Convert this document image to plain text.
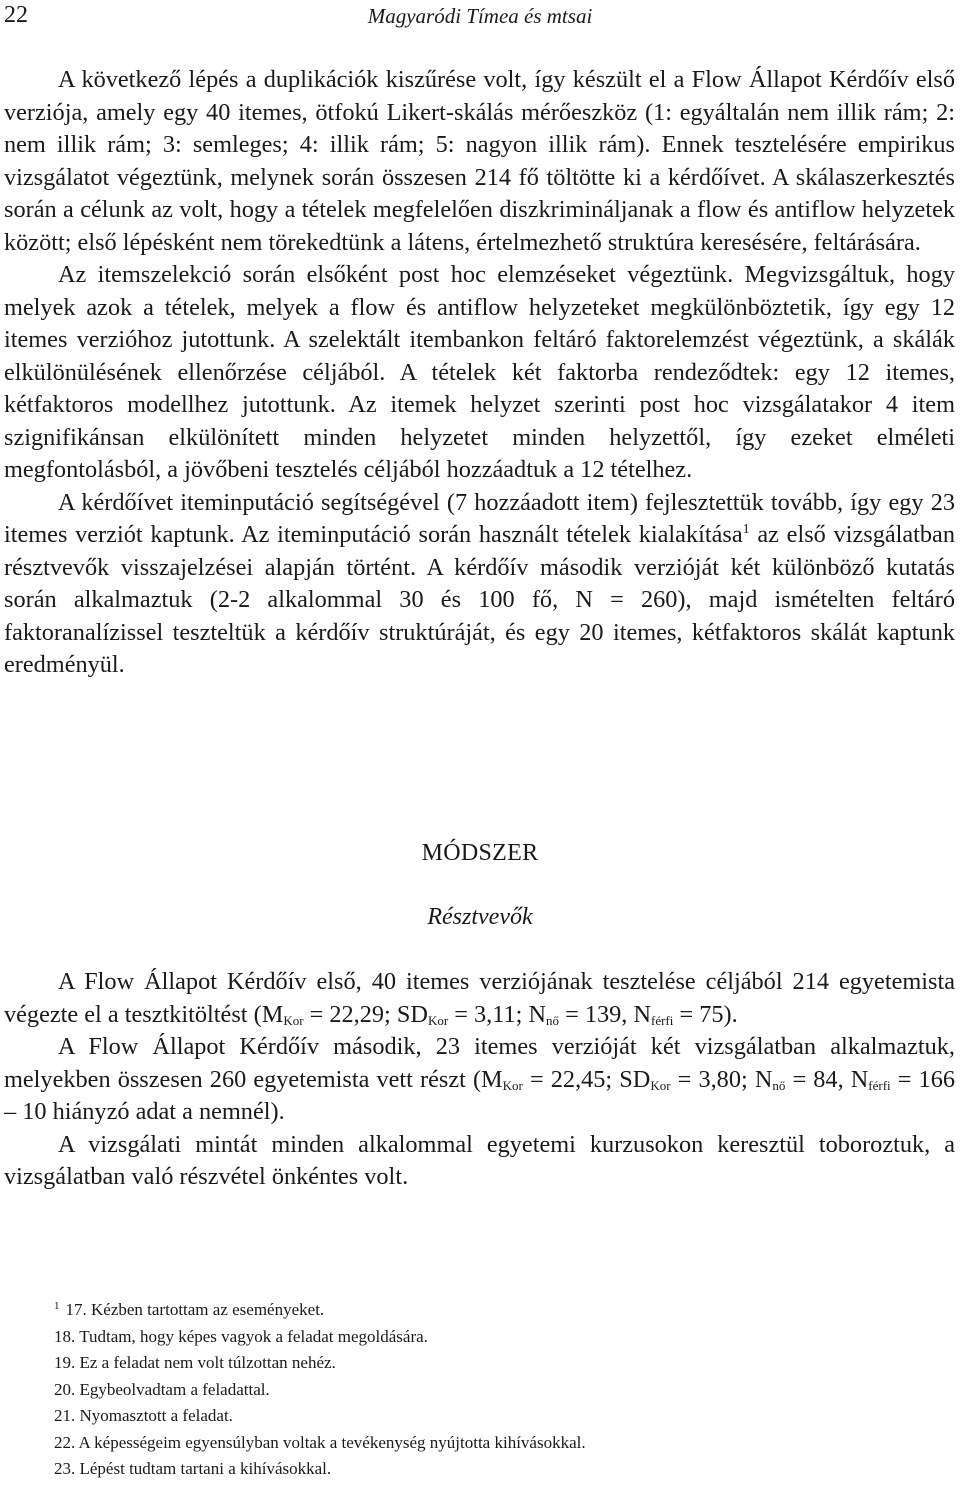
22	Magyaródi Tímea és mtsai

A következő lépés a duplikációk kiszűrése volt, így készült el a Flow Állapot Kérdőív első verziója, amely egy 40 itemes, ötfokú Likert-skálás mérőeszköz (1: egyáltalán nem illik rám; 2: nem illik rám; 3: semleges; 4: illik rám; 5: nagyon illik rám). Ennek tesztelésére empirikus vizsgálatot végeztünk, melynek során összesen 214 fő töltötte ki a kérdőívet. A skálaszerkesztés során a célunk az volt, hogy a tételek megfelelően diszkrimináljanak a flow és antiflow helyzetek között; első lépésként nem törekedtünk a látens, értelmezhető struktúra keresésére, feltárására.

Az itemszelekció során elsőként post hoc elemzéseket végeztünk. Megvizsgáltuk, hogy melyek azok a tételek, melyek a flow és antiflow helyzeteket megkülönböztetik, így egy 12 itemes verzióhoz jutottunk. A szelektált itembankon feltáró faktorelemzést végeztünk, a skálák elkülönülésének ellenőrzése céljából. A tételek két faktorba rendeződtek: egy 12 itemes, kétfaktoros modellhez jutottunk. Az itemek helyzet szerinti post hoc vizsgálatakor 4 item szignifikánsan elkülönített minden helyzetet minden helyzettől, így ezeket elméleti megfontolásból, a jövőbeni tesztelés céljából hozzáadtuk a 12 tételhez.

A kérdőívet iteminputáció segítségével (7 hozzáadott item) fejlesztettük tovább, így egy 23 itemes verziót kaptunk. Az iteminputáció során használt tételek kialakítása$^1$ az első vizsgálatban résztvevők visszajelzései alapján történt. A kérdőív második verzióját két különböző kutatás során alkalmaztuk (2-2 alkalommal 30 és 100 fő, N = 260), majd ismételten feltáró faktoranalízissel teszteltük a kérdőív struktúráját, és egy 20 itemes, kétfaktoros skálát kaptunk eredményül.

MÓDSZER
Résztvevők

A Flow Állapot Kérdőív első, 40 itemes verziójának tesztelése céljából 214 egyetemista végezte el a tesztkitöltést ($M_{Kor} = 22,29$; $SD_{Kor} = 3,11$; $N_{nő} = 139$, $N_{férfi} = 75$).

A Flow Állapot Kérdőív második, 23 itemes verzióját két vizsgálatban alkalmaztuk, melyekben összesen 260 egyetemista vett részt ($M_{Kor} = 22,45$; $SD_{Kor} = 3,80$; $N_{nő} = 84$, $N_{férfi} = 166 - 10$ hiányzó adat a nemnél).

A vizsgálati mintát minden alkalommal egyetemi kurzusokon keresztül toboroztuk, a vizsgálatban való részvétel önkéntes volt.

$^1$ 17. Kézben tartottam az eseményeket.
18. Tudtam, hogy képes vagyok a feladat megoldására.
19. Ez a feladat nem volt túlzottan nehéz.
20. Egybeolvadtam a feladattal.
21. Nyomasztott a feladat.
22. A képességeim egyensúlyban voltak a tevékenység nyújtotta kihívásokkal.
23. Lépést tudtam tartani a kihívásokkal.
